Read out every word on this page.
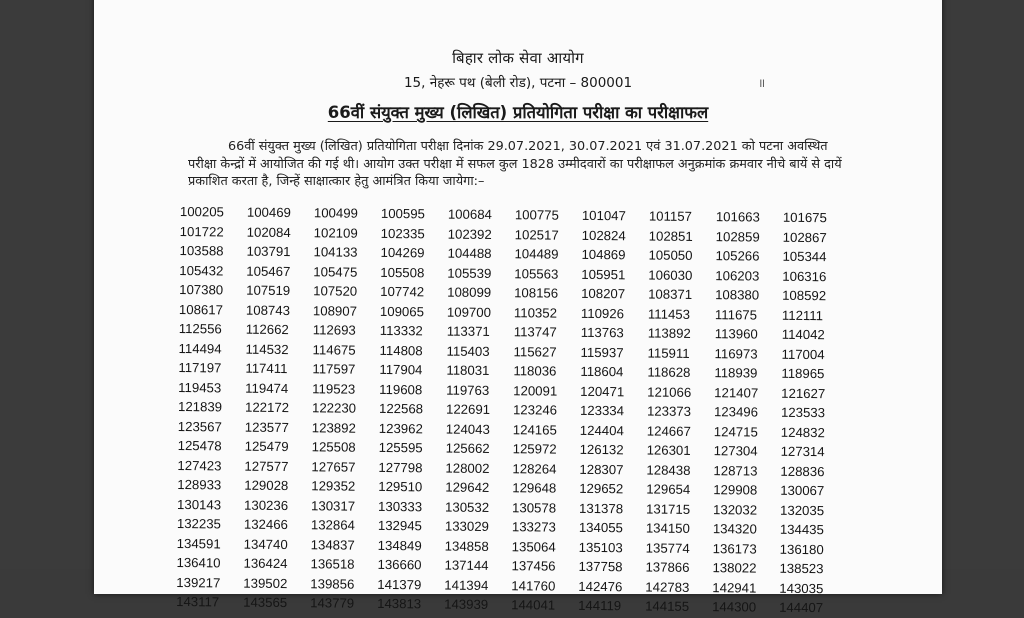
बिहार लोक सेवा आयोग
15, नेहरू पथ (बेली रोड), पटना – 800001	॥
66वीं संयुक्त मुख्य (लिखित) प्रतियोगिता परीक्षा का परीक्षाफल
66वीं संयुक्त मुख्य (लिखित) प्रतियोगिता परीक्षा दिनांक 29.07.2021, 30.07.2021 एवं 31.07.2021 को पटना अवस्थित परीक्षा केन्द्रों में आयोजित की गई थी। आयोग उक्त परीक्षा में सफल कुल 1828 उम्मीदवारों का परीक्षाफल अनुक्रमांक क्रमवार नीचे बायें से दायें प्रकाशित करता है, जिन्हें साक्षात्कार हेतु आमंत्रित किया जायेगा:–
100205	100469	100499	100595	100684	100775	101047	101157	101663	101675
101722	102084	102109	102335	102392	102517	102824	102851	102859	102867
103588	103791	104133	104269	104488	104489	104869	105050	105266	105344
105432	105467	105475	105508	105539	105563	105951	106030	106203	106316
107380	107519	107520	107742	108099	108156	108207	108371	108380	108592
108617	108743	108907	109065	109700	110352	110926	111453	111675	112111
112556	112662	112693	113332	113371	113747	113763	113892	113960	114042
114494	114532	114675	114808	115403	115627	115937	115911	116973	117004
117197	117411	117597	117904	118031	118036	118604	118628	118939	118965
119453	119474	119523	119608	119763	120091	120471	121066	121407	121627
121839	122172	122230	122568	122691	123246	123334	123373	123496	123533
123567	123577	123892	123962	124043	124165	124404	124667	124715	124832
125478	125479	125508	125595	125662	125972	126132	126301	127304	127314
127423	127577	127657	127798	128002	128264	128307	128438	128713	128836
128933	129028	129352	129510	129642	129648	129652	129654	129908	130067
130143	130236	130317	130333	130532	130578	131378	131715	132032	132035
132235	132466	132864	132945	133029	133273	134055	134150	134320	134435
134591	134740	134837	134849	134858	135064	135103	135774	136173	136180
136410	136424	136518	136660	137144	137456	137758	137866	138022	138523
139217	139502	139856	141379	141394	141760	142476	142783	142941	143035
143117	143565	143779	143813	143939	144041	144119	144155	144300	144407
